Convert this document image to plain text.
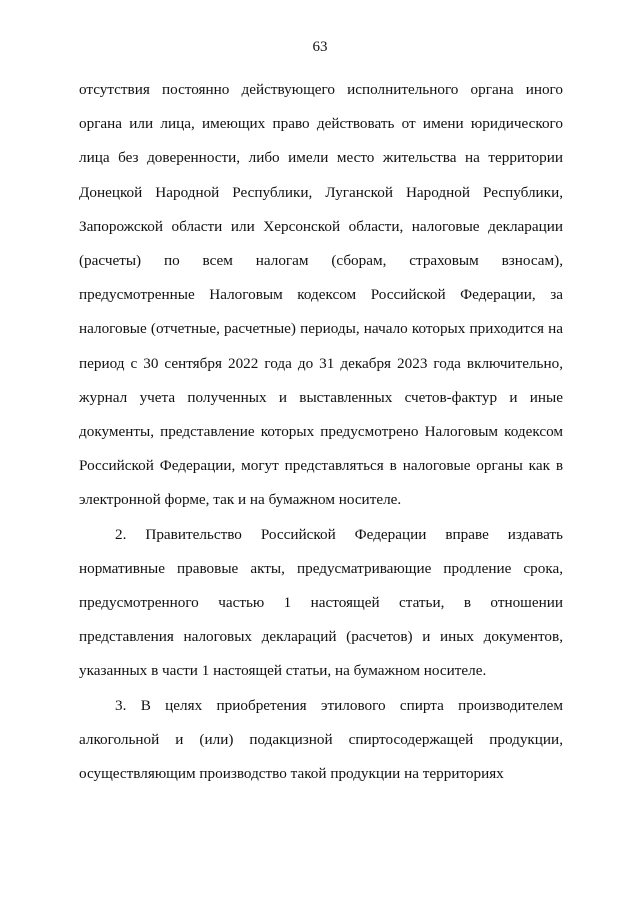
63

отсутствия постоянно действующего исполнительного органа иного органа или лица, имеющих право действовать от имени юридического лица без доверенности, либо имели место жительства на территории Донецкой Народной Республики, Луганской Народной Республики, Запорожской области или Херсонской области, налоговые декларации (расчеты) по всем налогам (сборам, страховым взносам), предусмотренные Налоговым кодексом Российской Федерации, за налоговые (отчетные, расчетные) периоды, начало которых приходится на период с 30 сентября 2022 года до 31 декабря 2023 года включительно, журнал учета полученных и выставленных счетов-фактур и иные документы, представление которых предусмотрено Налоговым кодексом Российской Федерации, могут представляться в налоговые органы как в электронной форме, так и на бумажном носителе.

2. Правительство Российской Федерации вправе издавать нормативные правовые акты, предусматривающие продление срока, предусмотренного частью 1 настоящей статьи, в отношении представления налоговых деклараций (расчетов) и иных документов, указанных в части 1 настоящей статьи, на бумажном носителе.

3. В целях приобретения этилового спирта производителем алкогольной и (или) подакцизной спиртосодержащей продукции, осуществляющим производство такой продукции на территориях
